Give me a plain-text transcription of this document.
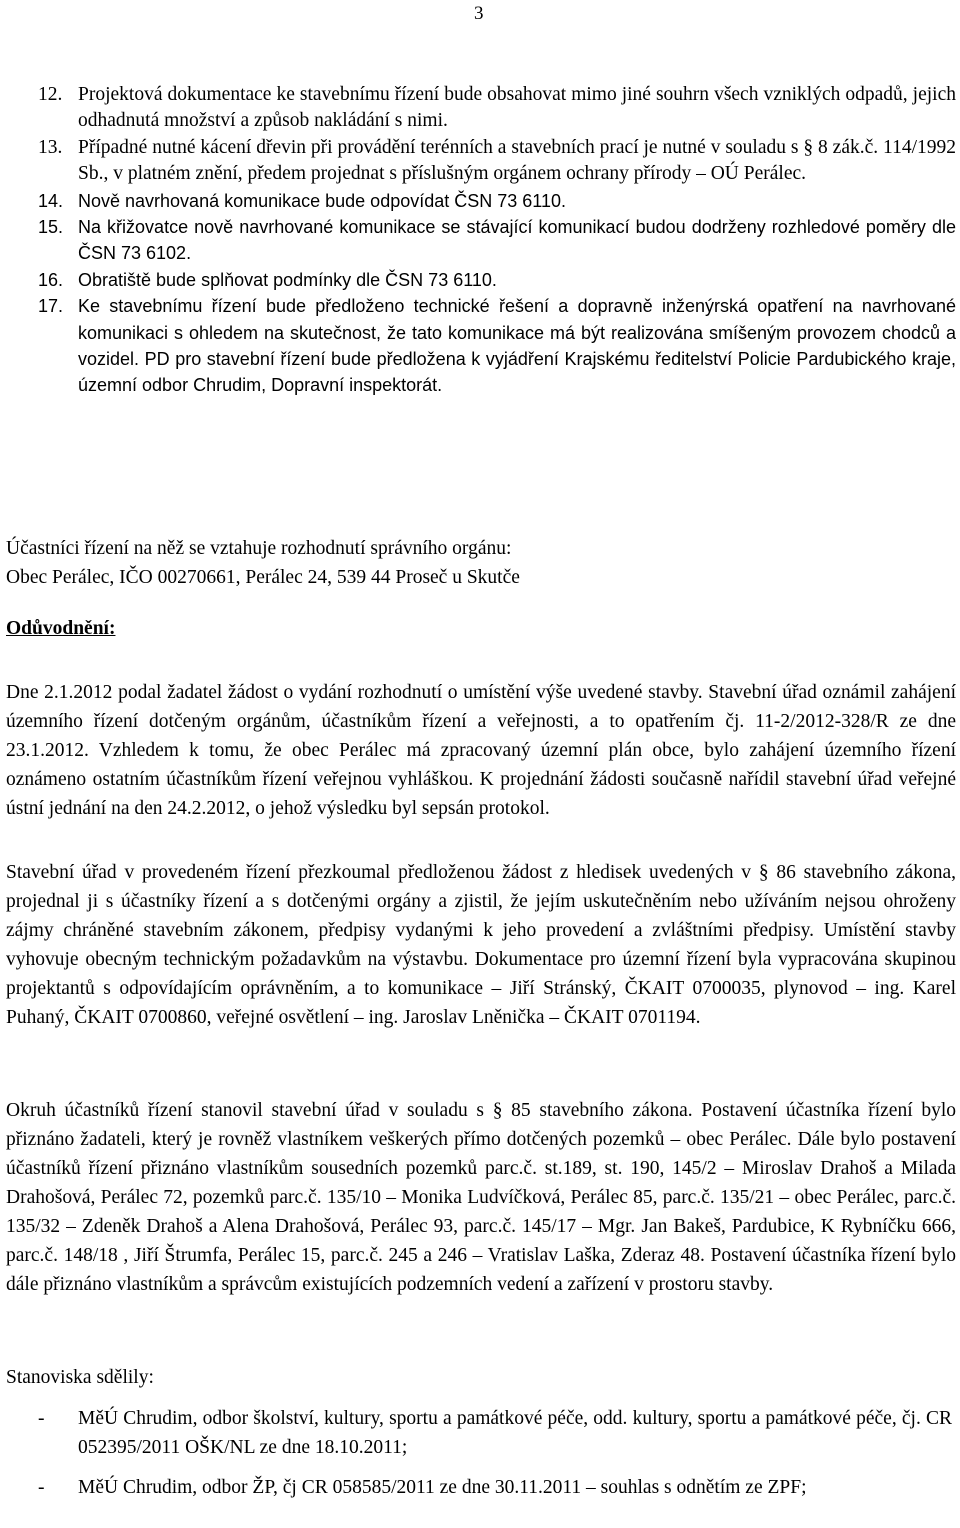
3
12. Projektová dokumentace ke stavebnímu řízení bude obsahovat mimo jiné souhrn všech vzniklých odpadů, jejich odhadnutá množství a způsob nakládání s nimi.
13. Případné nutné kácení dřevin při provádění terénních a stavebních prací je nutné v souladu s § 8 zák.č. 114/1992 Sb., v platném znění, předem projednat s příslušným orgánem ochrany přírody – OÚ Perálec.
14. Nově navrhovaná komunikace bude odpovídat ČSN 73 6110.
15. Na křižovatce nově navrhované komunikace se stávající komunikací budou dodrženy rozhledové poměry dle ČSN 73 6102.
16. Obratiště bude splňovat podmínky dle ČSN 73 6110.
17. Ke stavebnímu řízení bude předloženo technické řešení a dopravně inženýrská opatření na navrhované komunikaci s ohledem na skutečnost, že tato komunikace má být realizována smíšeným provozem chodců a vozidel. PD pro stavební řízení bude předložena k vyjádření Krajskému ředitelství Policie Pardubického kraje, územní odbor Chrudim, Dopravní inspektorát.
Účastníci řízení na něž se vztahuje rozhodnutí správního orgánu:
Obec Perálec, IČO 00270661, Perálec 24, 539 44 Proseč u Skutče
Odůvodnění:
Dne 2.1.2012 podal žadatel žádost o vydání rozhodnutí o umístění výše uvedené stavby. Stavební úřad oznámil zahájení územního řízení dotčeným orgánům, účastníkům řízení a veřejnosti, a to opatřením čj. 11-2/2012-328/R ze dne 23.1.2012. Vzhledem k tomu, že obec Perálec má zpracovaný územní plán obce, bylo zahájení územního řízení oznámeno ostatním účastníkům řízení veřejnou vyhláškou. K projednání žádosti současně nařídil stavební úřad veřejné ústní jednání na den 24.2.2012, o jehož výsledku byl sepsán protokol.
Stavební úřad v provedeném řízení přezkoumal předloženou žádost z hledisek uvedených v § 86 stavebního zákona, projednal ji s účastníky řízení a s dotčenými orgány a zjistil, že jejím uskutečněním nebo užíváním nejsou ohroženy zájmy chráněné stavebním zákonem, předpisy vydanými k jeho provedení a zvláštními předpisy. Umístění stavby vyhovuje obecným technickým požadavkům na výstavbu. Dokumentace pro územní řízení byla vypracována skupinou projektantů s odpovídajícím oprávněním, a to komunikace – Jiří Stránský, ČKAIT 0700035, plynovod – ing. Karel Puhaný, ČKAIT 0700860, veřejné osvětlení – ing. Jaroslav Lněnička – ČKAIT 0701194.
Okruh účastníků řízení stanovil stavební úřad v souladu s § 85 stavebního zákona. Postavení účastníka řízení bylo přiznáno žadateli, který je rovněž vlastníkem veškerých přímo dotčených pozemků – obec Perálec. Dále bylo postavení účastníků řízení přiznáno vlastníkům sousedních pozemků parc.č. st.189, st. 190, 145/2 – Miroslav Drahoš a Milada Drahošová, Perálec 72, pozemků parc.č. 135/10 – Monika Ludvíčková, Perálec 85, parc.č. 135/21 – obec Perálec, parc.č. 135/32 – Zdeněk Drahoš a Alena Drahošová, Perálec 93, parc.č. 145/17 – Mgr. Jan Bakeš, Pardubice, K Rybníčku 666, parc.č. 148/18 , Jiří Štrumfa, Perálec 15, parc.č. 245 a 246 – Vratislav Laška, Zderaz 48. Postavení účastníka řízení bylo dále přiznáno vlastníkům a správcům existujících podzemních vedení a zařízení v prostoru stavby.
Stanoviska sdělily:
- MěÚ Chrudim, odbor školství, kultury, sportu a památkové péče, odd. kultury, sportu a památkové péče, čj. CR 052395/2011 OŠK/NL ze dne 18.10.2011;
- MěÚ Chrudim, odbor ŽP, čj CR 058585/2011 ze dne 30.11.2011 – souhlas s odnětím ze ZPF;
